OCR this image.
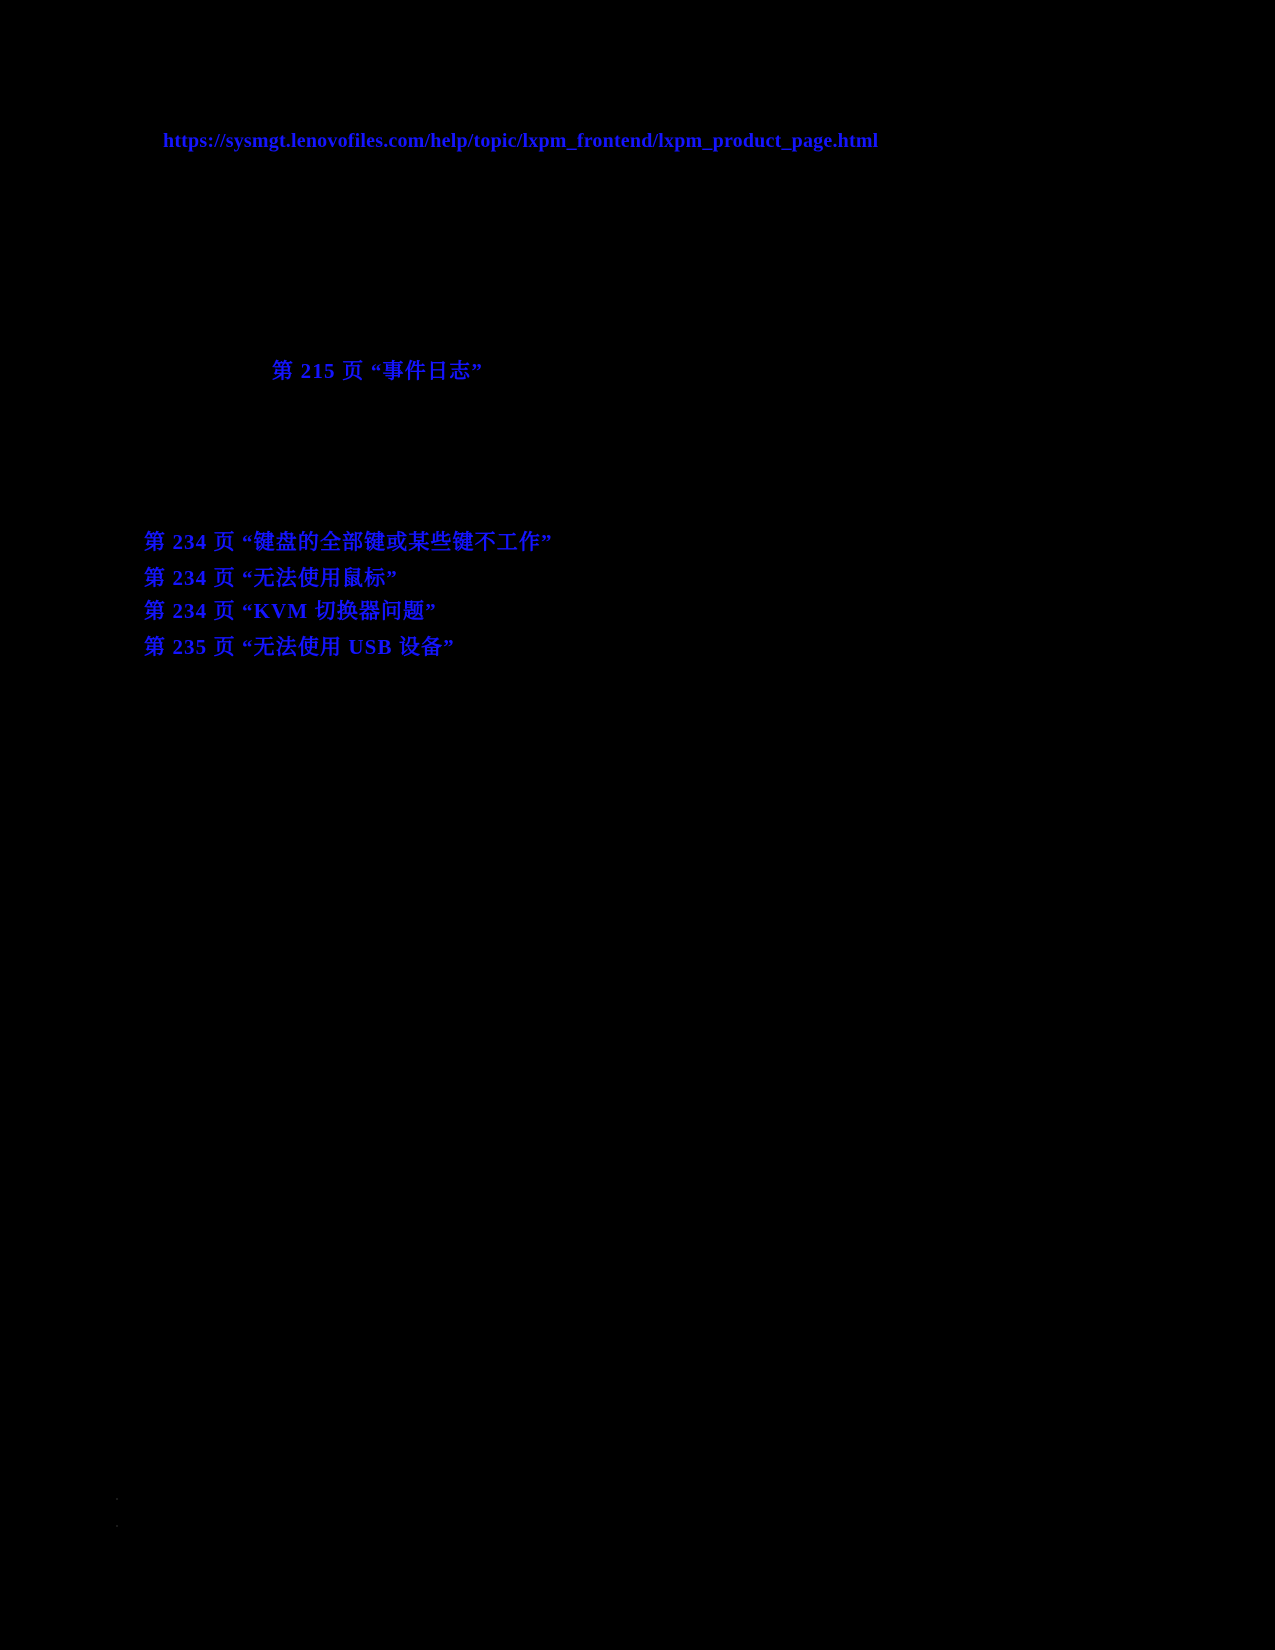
https://sysmgt.lenovofiles.com/help/topic/lxpm_frontend/lxpm_product_page.html
第 215 页 “事件日志”
第 234 页 “键盘的全部键或某些键不工作”
第 234 页 “无法使用鼠标”
第 234 页 “KVM 切换器问题”
第 235 页 “无法使用 USB 设备”
